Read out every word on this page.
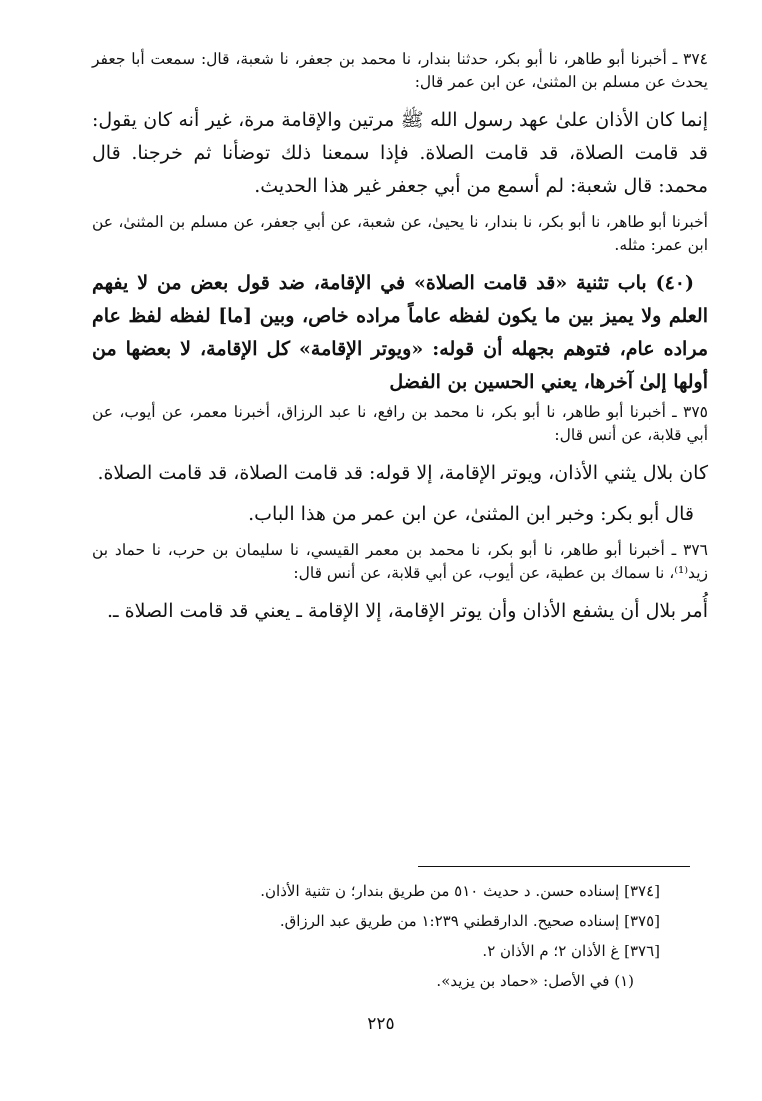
٣٧٤ ـ أخبرنا أبو طاهر، نا أبو بكر، حدثنا بندار، نا محمد بن جعفر، نا شعبة، قال: سمعت أبا جعفر يحدث عن مسلم بن المثنىٰ، عن ابن عمر قال:

إنما كان الأذان علىٰ عهد رسول الله ﷺ مرتين والإقامة مرة، غير أنه كان يقول: قد قامت الصلاة، قد قامت الصلاة. فإذا سمعنا ذلك توضأنا ثم خرجنا. قال محمد: قال شعبة: لم أسمع من أبي جعفر غير هذا الحديث.

أخبرنا أبو طاهر، نا أبو بكر، نا بندار، نا يحيىٰ، عن شعبة، عن أبي جعفر، عن مسلم بن المثنىٰ، عن ابن عمر: مثله.

(٤٠) باب تثنية «قد قامت الصلاة» في الإقامة، ضد قول بعض من لا يفهم العلم ولا يميز بين ما يكون لفظه عاماً مراده خاص، وبين [ما] لفظه لفظ عام مراده عام، فتوهم بجهله أن قوله: «ويوتر الإقامة» كل الإقامة، لا بعضها من أولها إلىٰ آخرها، يعني الحسين بن الفضل

٣٧٥ ـ أخبرنا أبو طاهر، نا أبو بكر، نا محمد بن رافع، نا عبد الرزاق، أخبرنا معمر، عن أيوب، عن أبي قلابة، عن أنس قال:

كان بلال يثني الأذان، ويوتر الإقامة، إلا قوله: قد قامت الصلاة، قد قامت الصلاة.

قال أبو بكر: وخبر ابن المثنىٰ، عن ابن عمر من هذا الباب.

٣٧٦ ـ أخبرنا أبو طاهر، نا أبو بكر، نا محمد بن معمر القيسي، نا سليمان بن حرب، نا حماد بن زيد⁽¹⁾، نا سماك بن عطية، عن أيوب، عن أبي قلابة، عن أنس قال:

أُمر بلال أن يشفع الأذان وأن يوتر الإقامة، إلا الإقامة ـ يعني قد قامت الصلاة ـ.

[٣٧٤] إسناده حسن. د حديث ٥١٠ من طريق بندار؛ ن تثنية الأذان.

[٣٧٥] إسناده صحيح. الدارقطني ١:٢٣٩ من طريق عبد الرزاق.

[٣٧٦] غ الأذان ٢؛ م الأذان ٢.

(١) في الأصل: «حماد بن يزيد».

٢٢٥
